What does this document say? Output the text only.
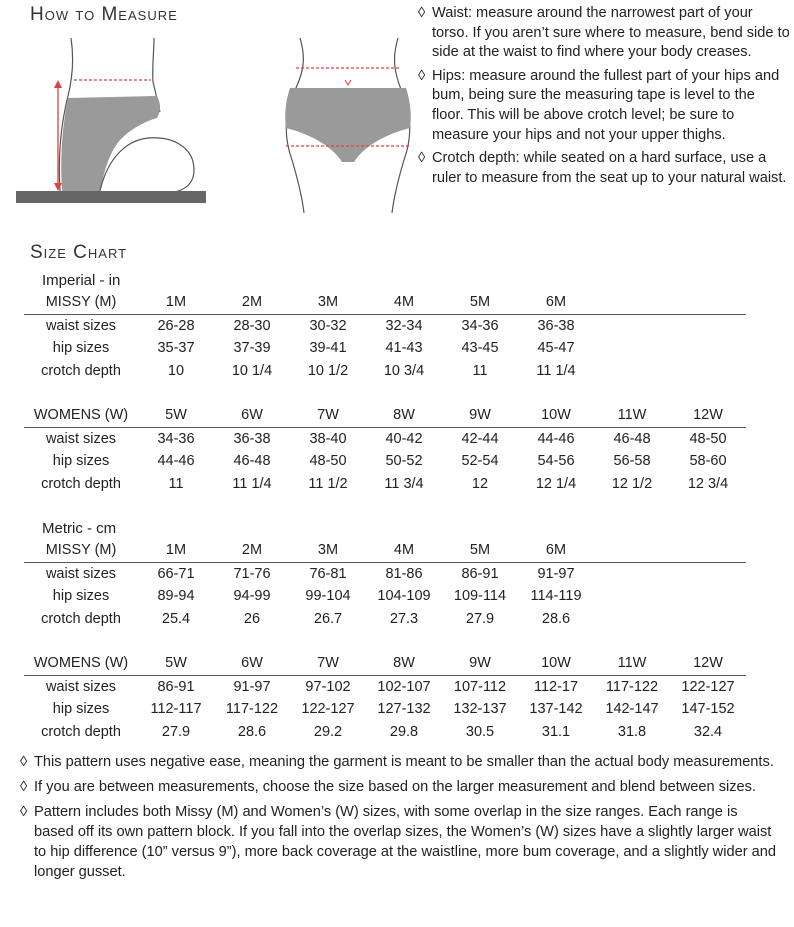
How to Measure
Size Chart
◊ Waist: measure around the narrowest part of your torso. If you aren’t sure where to measure, bend side to side at the waist to find where your body creases.
◊ Hips: measure around the fullest part of your hips and bum, being sure the measuring tape is level to the floor. This will be above crotch level; be sure to measure your hips and not your upper thighs.
◊ Crotch depth: while seated on a hard surface, use a ruler to measure from the seat up to your natural waist.
Imperial - in
Metric - cm
MISSY (M)	1M	2M	3M	4M	5M	6M		
waist sizes	26-28	28-30	30-32	32-34	34-36	36-38		
hip sizes	35-37	37-39	39-41	41-43	43-45	45-47		
crotch depth	10	10 1/4	10 1/2	10 3/4	11	11 1/4		
WOMENS (W)	5W	6W	7W	8W	9W	10W	11W	12W
waist sizes	34-36	36-38	38-40	40-42	42-44	44-46	46-48	48-50
hip sizes	44-46	46-48	48-50	50-52	52-54	54-56	56-58	58-60
crotch depth	11	11 1/4	11 1/2	11 3/4	12	12 1/4	12 1/2	12 3/4
MISSY (M)	1M	2M	3M	4M	5M	6M		
waist sizes	66-71	71-76	76-81	81-86	86-91	91-97		
hip sizes	89-94	94-99	99-104	104-109	109-114	114-119		
crotch depth	25.4	26	26.7	27.3	27.9	28.6		
WOMENS (W)	5W	6W	7W	8W	9W	10W	11W	12W
waist sizes	86-91	91-97	97-102	102-107	107-112	112-17	117-122	122-127
hip sizes	112-117	117-122	122-127	127-132	132-137	137-142	142-147	147-152
crotch depth	27.9	28.6	29.2	29.8	30.5	31.1	31.8	32.4
◊ This pattern uses negative ease, meaning the garment is meant to be smaller than the actual body measurements.
◊ If you are between measurements, choose the size based on the larger measurement and blend between sizes.
◊ Pattern includes both Missy (M) and Women’s (W) sizes, with some overlap in the size ranges. Each range is based off its own pattern block. If you fall into the overlap sizes, the Women’s (W) sizes have a slightly larger waist to hip difference (10” versus 9”), more back coverage at the waistline, more bum coverage, and a slightly wider and longer gusset.
